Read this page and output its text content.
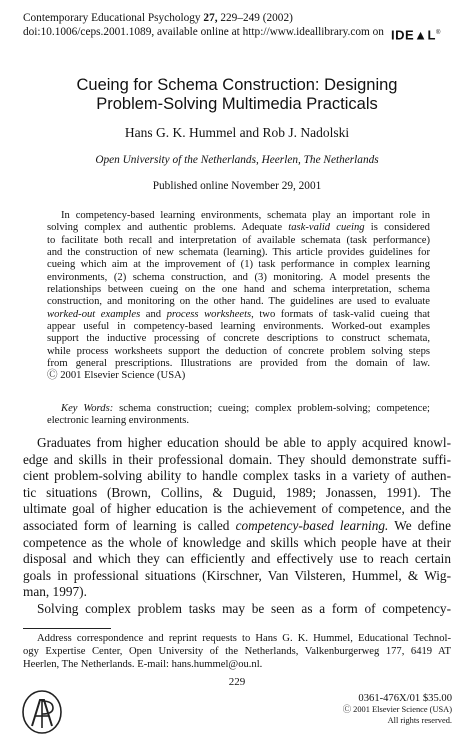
Contemporary Educational Psychology 27, 229–249 (2002)
doi:10.1006/ceps.2001.1089, available online at http://www.ideallibrary.com on IDE▲L®
Cueing for Schema Construction: Designing
Problem-Solving Multimedia Practicals
Hans G. K. Hummel and Rob J. Nadolski
Open University of the Netherlands, Heerlen, The Netherlands
Published online November 29, 2001
In competency-based learning environments, schemata play an important role in
solving complex and authentic problems. Adequate task-valid cueing is considered
to facilitate both recall and interpretation of available schemata (task performance)
and the construction of new schemata (learning). This article provides guidelines for
cueing which aim at the improvement of (1) task performance in complex learning
environments, (2) schema construction, and (3) monitoring. A model presents the
relationships between cueing on the one hand and schema interpretation, schema
construction, and monitoring on the other hand. The guidelines are used to evaluate
worked-out examples and process worksheets, two formats of task-valid cueing that
appear useful in competency-based learning environments. Worked-out examples
support the inductive processing of concrete descriptions to construct schemata,
while process worksheets support the deduction of concrete problem solving steps
from general prescriptions. Illustrations are provided from the domain of law.
Ⓒ 2001 Elsevier Science (USA)
Key Words: schema construction; cueing; complex problem-solving; competence;
electronic learning environments.
Graduates from higher education should be able to apply acquired knowl-
edge and skills in their professional domain. They should demonstrate suffi-
cient problem-solving ability to handle complex tasks in a variety of authen-
tic situations (Brown, Collins, & Duguid, 1989; Jonassen, 1991). The
ultimate goal of higher education is the achievement of competence, and the
associated form of learning is called competency-based learning. We define
competence as the whole of knowledge and skills which people have at their
disposal and which they can efficiently and effectively use to reach certain
goals in professional situations (Kirschner, Van Vilsteren, Hummel, & Wig-
man, 1997).
Solving complex problem tasks may be seen as a form of competency-
Address correspondence and reprint requests to Hans G. K. Hummel, Educational Technol-
ogy Expertise Center, Open University of the Netherlands, Valkenburgerweg 177, 6419 AT
Heerlen, The Netherlands. E-mail: hans.hummel@ou.nl.
229
0361-476X/01 $35.00
Ⓒ 2001 Elsevier Science (USA)
All rights reserved.
